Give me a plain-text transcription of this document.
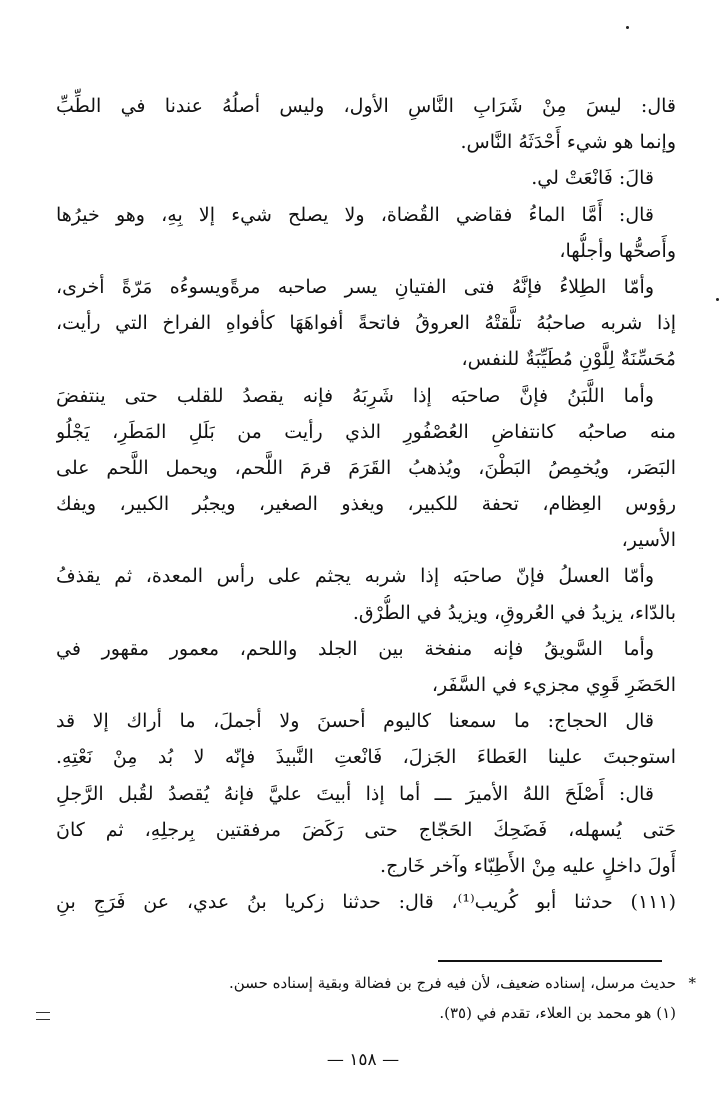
قال: ليسَ مِنْ شَرَابِ النَّاسِ الأول، وليس أصلُهُ عندنا في الطِّبِّ
وإنما هو شيء أَحْدَثَهُ النَّاس.
قالَ: فَانْعَتْ لي.
قال: أَمَّا الماءُ فقاضي القُضاة، ولا يصلح شيء إلا بِهِ، وهو خيرُها
وأَصحُّها وأجلُّها،
وأمّا الطِلاءُ فإنَّهُ فتى الفتيانِ يسر صاحبه مرةًويسوءُه مَرّةً أخرى،
إذا شربه صاحبُهُ تلَّقتْهُ العروقُ فاتحةً أفواهَهَا كأفواهِ الفراخ التي رأيت،
مُحَسِّنَةٌ لِلَّوْنِ مُطَيِّبَةٌ للنفس،
وأما اللَّبَنُ فإنَّ صاحبَه إذا شَرِبَهُ فإنه يقصدُ للقلب حتى ينتفضَ
منه صاحبُه كانتفاضِ العُصْفُورِ الذي رأيت من بَلَلِ المَطَرِ، يَجْلُو
البَصَر، ويُخمِصُ البَطْنَ، ويُذهبُ القَرَمَ قرمَ اللَّحم، ويحمل اللَّحم على
رؤوس العِظام، تحفة للكبير، ويغذو الصغير، ويجبُر الكبير، ويفك
الأسير،
وأمّا العسلُ فإنّ صاحبَه إذا شربه يجثم على رأس المعدة، ثم يقذفُ
بالدّاء، يزيدُ في العُروقِ، ويزيدُ في الطُّرْق.
وأما السَّويقُ فإنه منفخة بين الجلد واللحم، معمور مقهور في
الحَضَرِ قَوِي مجزيء في السَّفَر،
قال الحجاج: ما سمعنا كاليوم أحسنَ ولا أجملَ، ما أراك إلا قد
استوجبتَ علينا العَطاءَ الجَزلَ، فَانْعتِ النَّبيذَ فإنّه لا بُد مِنْ نَعْتِهِ.
قال: أَصْلَحَ اللهُ الأميرَ ـــ أما إذا أبيتَ عليَّ فإنهُ يُقصدُ لقُبل الرَّجلِ
حَتى يُسهله، فَضَحِكَ الحَجّاج حتى رَكَضَ مرفقتين بِرجلِهِ، ثم كانَ
أَولَ داخلٍ عليه مِنْ الأَطِبّاء وآخر خَارج.
(١١١) حدثنا أبو كُريب⁽¹⁾، قال: حدثنا زكريا بنُ عدي، عن فَرَجِ بنِ
*
حديث مرسل، إسناده ضعيف، لأن فيه فرج بن فضالة وبقية إسناده حسن.
(١) هو محمد بن العلاء، تقدم في (٣٥).
— ١٥٨ —
